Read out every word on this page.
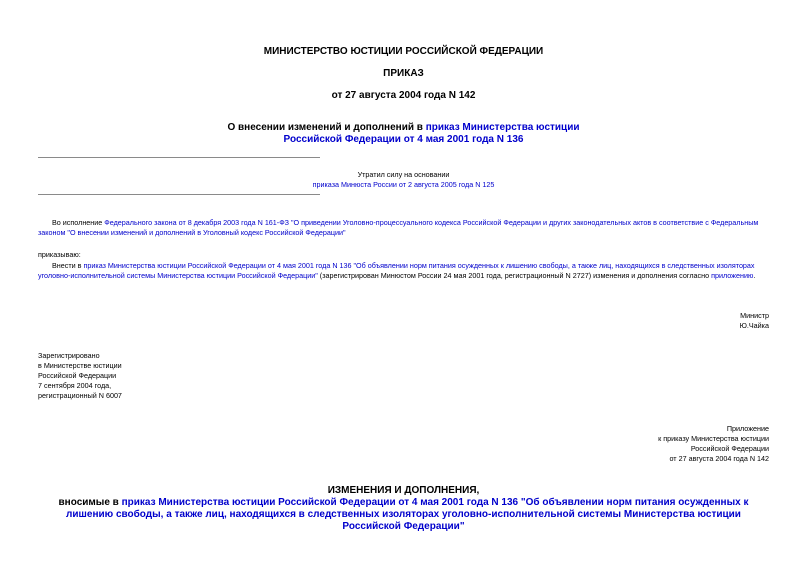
МИНИСТЕРСТВО ЮСТИЦИИ РОССИЙСКОЙ ФЕДЕРАЦИИ
ПРИКАЗ
от 27 августа 2004 года N 142
О внесении изменений и дополнений в приказ Министерства юстиции
Российской Федерации от 4 мая 2001 года N 136
Утратил силу на основании
приказа Минюста России от 2 августа 2005 года N 125
Во исполнение Федерального закона от 8 декабря 2003 года N 161-ФЗ "О приведении Уголовно-процессуального кодекса Российской Федерации и других законодательных актов в соответствие с Федеральным законом "О внесении изменений и дополнений в Уголовный кодекс Российской Федерации"
приказываю:
Внести в приказ Министерства юстиции Российской Федерации от 4 мая 2001 года N 136 "Об объявлении норм питания осужденных к лишению свободы, а также лиц, находящихся в следственных изоляторах уголовно-исполнительной системы Министерства юстиции Российской Федерации" (зарегистрирован Минюстом России 24 мая 2001 года, регистрационный N 2727) изменения и дополнения согласно приложению.
Министр
Ю.Чайка
Зарегистрировано
в Министерстве юстиции
Российской Федерации
7 сентября 2004 года,
регистрационный N 6007
Приложение
к приказу Министерства юстиции
Российской Федерации
от 27 августа 2004 года N 142
ИЗМЕНЕНИЯ И ДОПОЛНЕНИЯ,
вносимые в приказ Министерства юстиции Российской Федерации от 4 мая 2001 года N 136 "Об объявлении норм питания осужденных к лишению свободы, а также лиц, находящихся в следственных изоляторах уголовно-исполнительной системы Министерства юстиции Российской Федерации"
